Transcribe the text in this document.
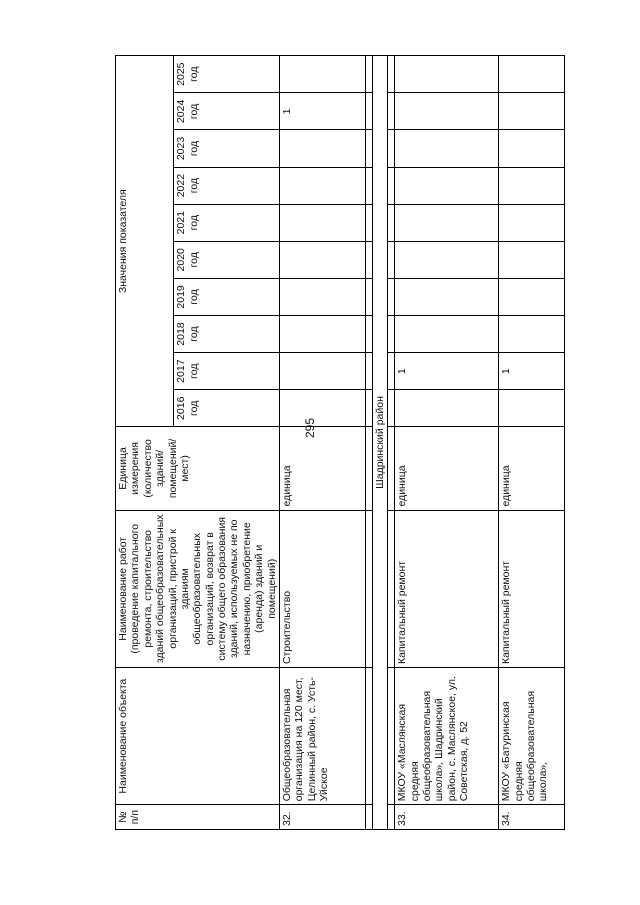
295
№ п/п	Наименование объекта	Наименование работ (проведение капитального ремонта, строительство зданий общеобразовательных организаций, пристрой к зданиям общеобразовательных организаций, возврат в систему общего образования зданий, используемых не по назначению, приобретение (аренда) зданий и помещений)	Единица измерения (количество зданий/ помещений/ мест)	Значения показателя									
				2016 год	2017 год	2018 год	2019 год	2020 год	2021 год	2022 год	2023 год	2024 год	2025 год
32.	Общеобразовательная организация на 120 мест, Целинный район, с. Усть-Уйское	Строительство	единица									1	

Шадринский район													

33.	МКОУ «Маслянская средняя общеобразовательная школа», Шадринский район, с. Маслянское, ул. Советская, д. 52	Капитальный ремонт	единица		1								
34.	МКОУ «Батуринская средняя общеобразовательная школа»,	Капитальный ремонт	единица		1								
